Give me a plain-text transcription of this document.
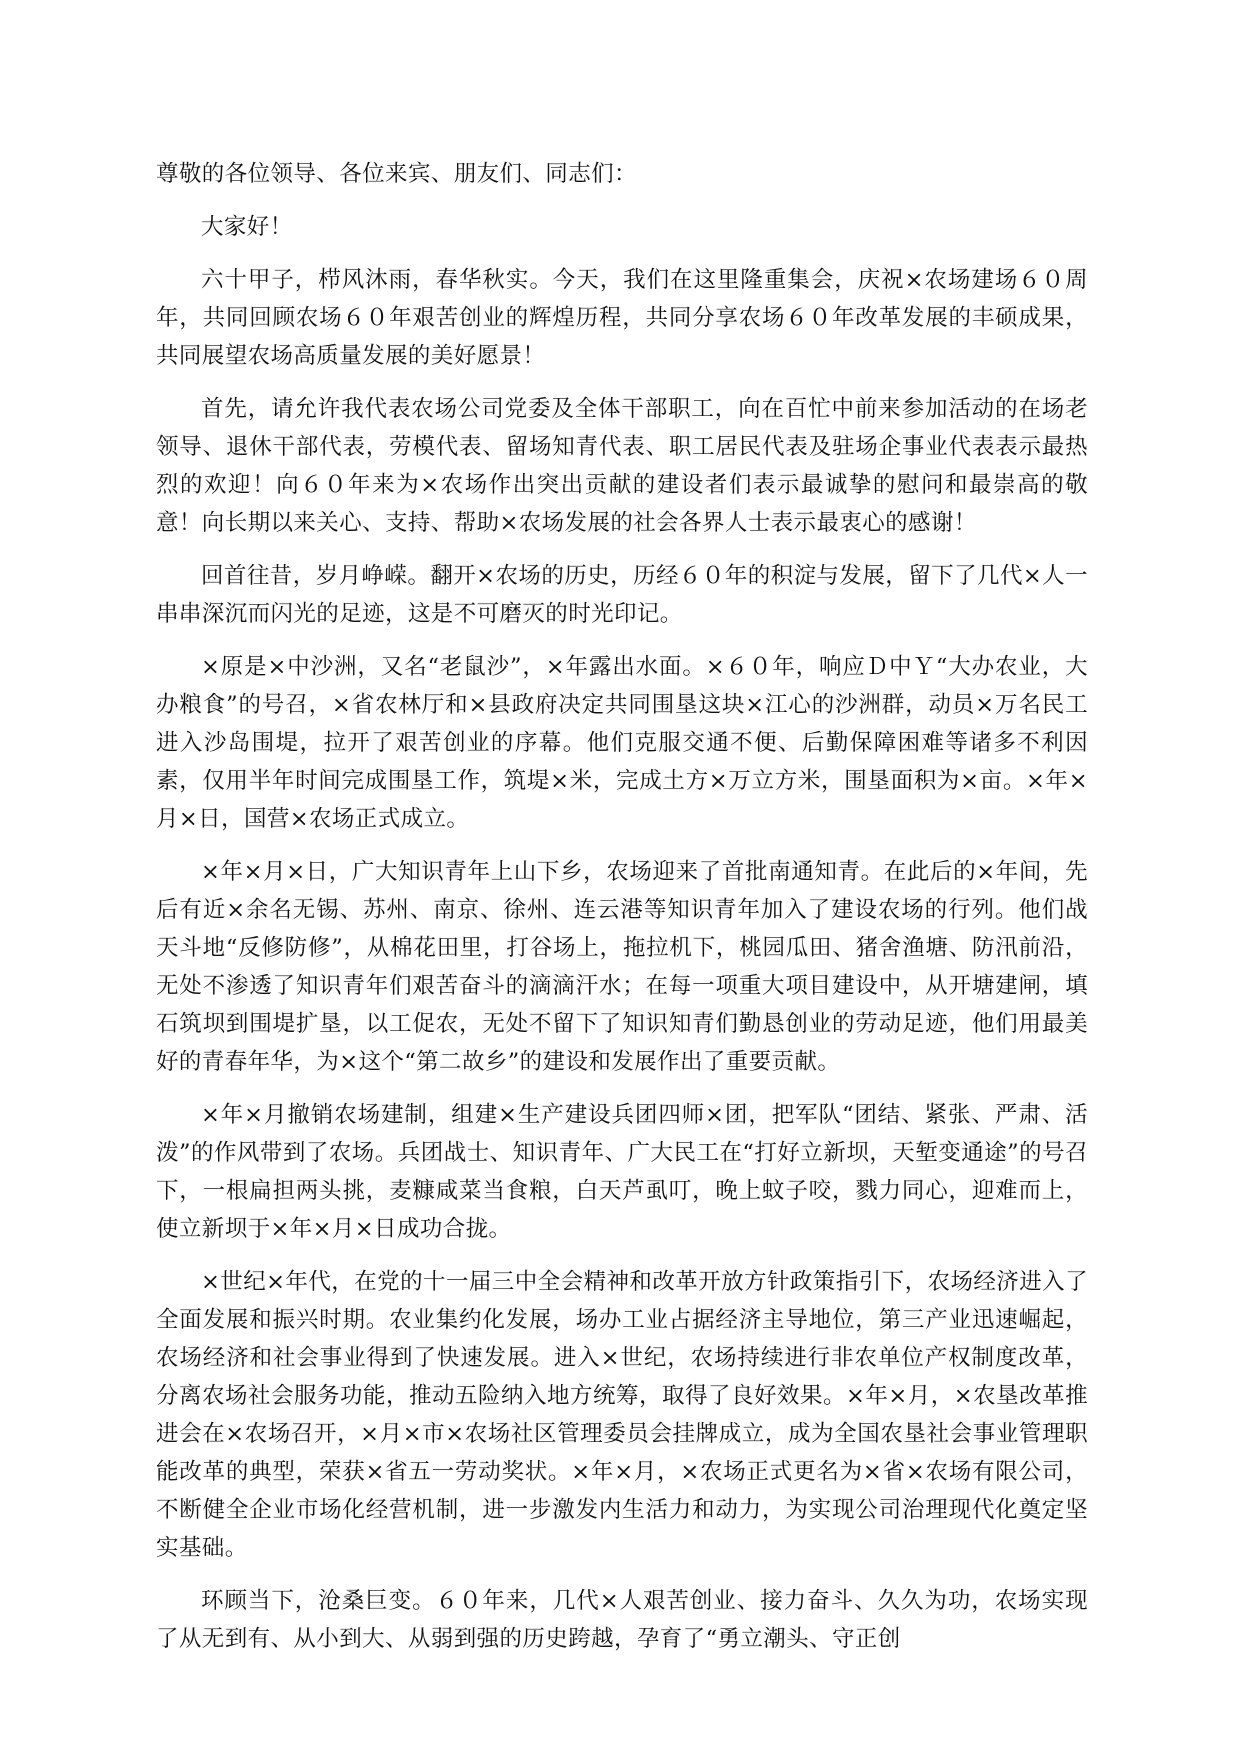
尊敬的各位领导、各位来宾、朋友们、同志们：

大家好！

六十甲子，栉风沐雨，春华秋实。今天，我们在这里隆重集会，庆祝×农场建场６０周年，共同回顾农场６０年艰苦创业的辉煌历程，共同分享农场６０年改革发展的丰硕成果，共同展望农场高质量发展的美好愿景！

首先，请允许我代表农场公司党委及全体干部职工，向在百忙中前来参加活动的在场老领导、退休干部代表，劳模代表、留场知青代表、职工居民代表及驻场企事业代表表示最热烈的欢迎！向６０年来为×农场作出突出贡献的建设者们表示最诚挚的慰问和最崇高的敬意！向长期以来关心、支持、帮助×农场发展的社会各界人士表示最衷心的感谢！

回首往昔，岁月峥嵘。翻开×农场的历史，历经６０年的积淀与发展，留下了几代×人一串串深沉而闪光的足迹，这是不可磨灭的时光印记。

×原是×中沙洲，又名“老鼠沙”，×年露出水面。×６０年，响应Ｄ中Ｙ“大办农业，大办粮食”的号召，×省农林厅和×县政府决定共同围垦这块×江心的沙洲群，动员×万名民工进入沙岛围堤，拉开了艰苦创业的序幕。他们克服交通不便、后勤保障困难等诸多不利因素，仅用半年时间完成围垦工作，筑堤×米，完成土方×万立方米，围垦面积为×亩。×年×月×日，国营×农场正式成立。

×年×月×日，广大知识青年上山下乡，农场迎来了首批南通知青。在此后的×年间，先后有近×余名无锡、苏州、南京、徐州、连云港等知识青年加入了建设农场的行列。他们战天斗地“反修防修”，从棉花田里，打谷场上，拖拉机下，桃园瓜田、猪舍渔塘、防汛前沿，无处不渗透了知识青年们艰苦奋斗的滴滴汗水；在每一项重大项目建设中，从开塘建闸，填石筑坝到围堤扩垦，以工促农，无处不留下了知识知青们勤恳创业的劳动足迹，他们用最美好的青春年华，为×这个“第二故乡”的建设和发展作出了重要贡献。

×年×月撤销农场建制，组建×生产建设兵团四师×团，把军队“团结、紧张、严肃、活泼”的作风带到了农场。兵团战士、知识青年、广大民工在“打好立新坝，天堑变通途”的号召下，一根扁担两头挑，麦糠咸菜当食粮，白天芦虱叮，晚上蚊子咬，戮力同心，迎难而上，使立新坝于×年×月×日成功合拢。

×世纪×年代，在党的十一届三中全会精神和改革开放方针政策指引下，农场经济进入了全面发展和振兴时期。农业集约化发展，场办工业占据经济主导地位，第三产业迅速崛起，农场经济和社会事业得到了快速发展。进入×世纪，农场持续进行非农单位产权制度改革，分离农场社会服务功能，推动五险纳入地方统筹，取得了良好效果。×年×月，×农垦改革推进会在×农场召开，×月×市×农场社区管理委员会挂牌成立，成为全国农垦社会事业管理职能改革的典型，荣获×省五一劳动奖状。×年×月，×农场正式更名为×省×农场有限公司，不断健全企业市场化经营机制，进一步激发内生活力和动力，为实现公司治理现代化奠定坚实基础。

环顾当下，沧桑巨变。６０年来，几代×人艰苦创业、接力奋斗、久久为功，农场实现了从无到有、从小到大、从弱到强的历史跨越，孕育了“勇立潮头、守正创
